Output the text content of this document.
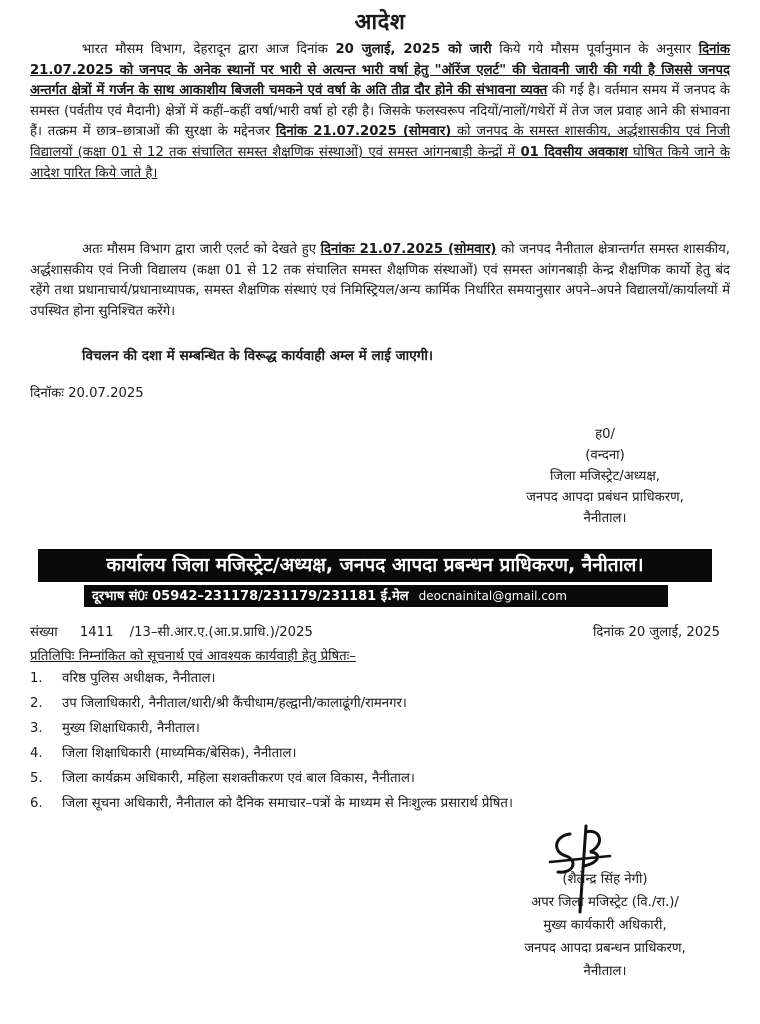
आदेश
भारत मौसम विभाग, देहरादून द्वारा आज दिनांक 20 जुलाई, 2025 को जारी किये गये मौसम पूर्वानुमान के अनुसार दिनांक 21.07.2025 को जनपद के अनेक स्थानों पर भारी से अत्यन्त भारी वर्षा हेतु "ऑरेंज एलर्ट" की चेतावनी जारी की गयी है जिससे जनपद अन्तर्गत क्षेत्रों में गर्जन के साथ आकाशीय बिजली चमकने एवं वर्षा के अति तीव्र दौर होने की संभावना व्यक्त की गई है। वर्तमान समय में जनपद के समस्त (पर्वतीय एवं मैदानी) क्षेत्रों में कहीं–कहीं वर्षा/भारी वर्षा हो रही है। जिसके फलस्वरूप नदियों/नालों/गधेरों में तेज जल प्रवाह आने की संभावना हैं। तत्क्रम में छात्र–छात्राओं की सुरक्षा के मद्देनजर दिनांक 21.07.2025 (सोमवार) को जनपद के समस्त शासकीय, अर्द्धशासकीय एवं निजी विद्यालयों (कक्षा 01 से 12 तक संचालित समस्त शैक्षणिक संस्थाओं) एवं समस्त आंगनबाड़ी केन्द्रों में 01 दिवसीय अवकाश घोषित किये जाने के आदेश पारित किये जाते है।
अतः मौसम विभाग द्वारा जारी एलर्ट को देखते हुए दिनांकः 21.07.2025 (सोमवार) को जनपद नैनीताल क्षेत्रान्तर्गत समस्त शासकीय, अर्द्धशासकीय एवं निजी विद्यालय (कक्षा 01 से 12 तक संचालित समस्त शैक्षणिक संस्थाओं) एवं समस्त आंगनबाड़ी केन्द्र शैक्षणिक कार्यो हेतु बंद रहेंगे तथा प्रधानाचार्य/प्रधानाध्यापक, समस्त शैक्षणिक संस्थाएं एवं निमिस्ट्रियल/अन्य कार्मिक निर्धारित समयानुसार अपने–अपने विद्यालयों/कार्यालयों में उपस्थित होना सुनिश्चित करेंगे।
विचलन की दशा में सम्बन्धित के विरूद्ध कार्यवाही अम्ल में लाई जाएगी।
दिनॉकः 20.07.2025
ह0/
(वन्दना)
जिला मजिस्ट्रेट/अध्यक्ष,
जनपद आपदा प्रबंधन प्राधिकरण,
नैनीताल।
कार्यालय जिला मजिस्ट्रेट/अध्यक्ष, जनपद आपदा प्रबन्धन प्राधिकरण, नैनीताल।
दूरभाष सं0ः 05942–231178/231179/231181 ई.मेल deocnainital@gmail.com
संख्या 1411 /13–सी.आर.ए.(आ.प्र.प्राधि.)/2025	दिनांक 20 जुलाई, 2025
प्रतिलिपिः निम्नांकित को सूचनार्थ एवं आवश्यक कार्यवाही हेतु प्रेषितः–
1.	वरिष्ठ पुलिस अधीक्षक, नैनीताल।
2.	उप जिलाधिकारी, नैनीताल/धारी/श्री कैंचीधाम/हल्द्वानी/कालाढूंगी/रामनगर।
3.	मुख्य शिक्षाधिकारी, नैनीताल।
4.	जिला शिक्षाधिकारी (माध्यमिक/बेसिक), नैनीताल।
5.	जिला कार्यक्रम अधिकारी, महिला सशक्तीकरण एवं बाल विकास, नैनीताल।
6.	जिला सूचना अधिकारी, नैनीताल को दैनिक समाचार–पत्रों के माध्यम से निःशुल्क प्रसारार्थ प्रेषित।
(शैलेन्द्र सिंह नेगी)
अपर जिला मजिस्ट्रेट (वि./रा.)/
मुख्य कार्यकारी अधिकारी,
जनपद आपदा प्रबन्धन प्राधिकरण,
नैनीताल।
